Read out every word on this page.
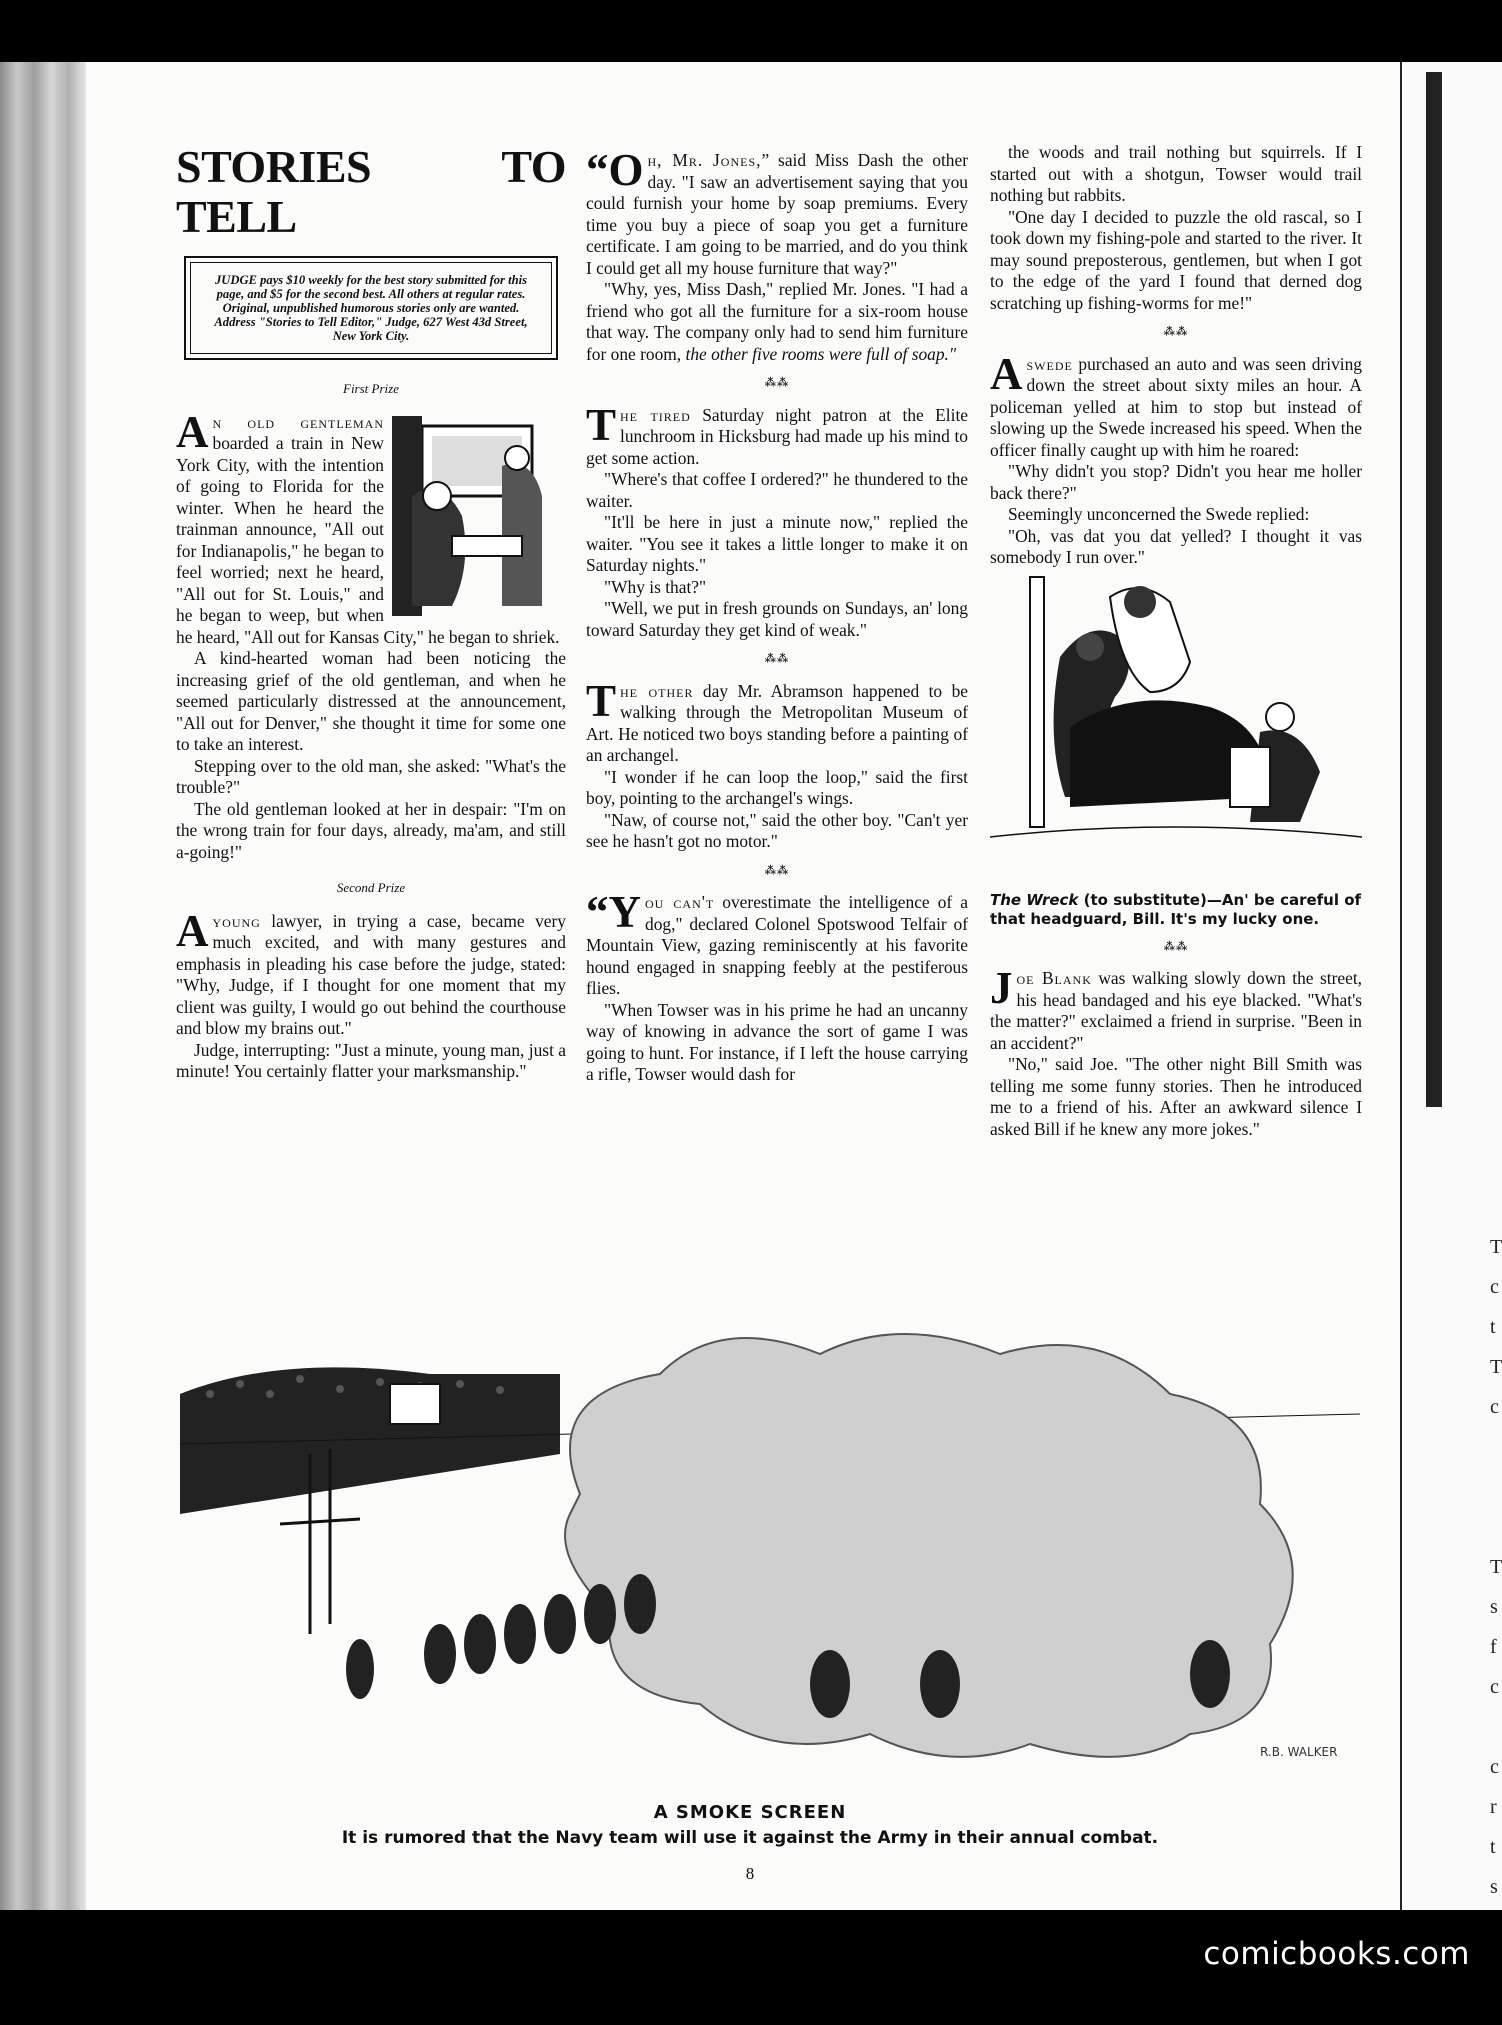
STORIES TO TELL
JUDGE pays $10 weekly for the best story submitted for this page, and $5 for the second best. All others at regular rates. Original, unpublished humorous stories only are wanted. Address "Stories to Tell Editor," Judge, 627 West 43d Street, New York City.
First Prize

An old gentleman
boarded a train in New York City, with the intention of going to Florida for the winter. When he heard the trainman announce, "All out for Indianapolis," he began to feel worried; next he heard, "All out for St. Louis," and he began to weep, but when he heard, "All out for Kansas City," he began to shriek.

A kind-hearted woman had been noticing the increasing grief of the old gentleman, and when he seemed particularly distressed at the announcement, "All out for Denver," she thought it time for some one to take an interest.

Stepping over to the old man, she asked: "What's the trouble?"

The old gentleman looked at her in despair: "I'm on the wrong train for four days, already, ma'am, and still a-going!"

Second Prize

Ayoung lawyer, in trying a case, became very much excited, and with many gestures and emphasis in pleading his case before the judge, stated: "Why, Judge, if I thought for one moment that my client was guilty, I would go out behind the courthouse and blow my brains out."

Judge, interrupting: "Just a minute, young man, just a minute! You certainly flatter your marksmanship."

“Oh, Mr. Jones,” said Miss Dash the other day. "I saw an advertisement saying that you could furnish your home by soap premiums. Every time you buy a piece of soap you get a furniture certificate. I am going to be married, and do you think I could get all my house furniture that way?"

"Why, yes, Miss Dash," replied Mr. Jones. "I had a friend who got all the furniture for a six-room house that way. The company only had to send him furniture for one room, the other five rooms were full of soap."

⁂⁂

The tired Saturday night patron at the Elite lunchroom in Hicksburg had made up his mind to get some action.

"Where's that coffee I ordered?" he thundered to the waiter.

"It'll be here in just a minute now," replied the waiter. "You see it takes a little longer to make it on Saturday nights."

"Why is that?"

"Well, we put in fresh grounds on Sundays, an' long toward Saturday they get kind of weak."

⁂⁂

The other day Mr. Abramson happened to be walking through the Metropolitan Museum of Art. He noticed two boys standing before a painting of an archangel.

"I wonder if he can loop the loop," said the first boy, pointing to the archangel's wings.

"Naw, of course not," said the other boy. "Can't yer see he hasn't got no motor."

⁂⁂

“You can't overestimate the intelligence of a dog," declared Colonel Spotswood Telfair of Mountain View, gazing reminiscently at his favorite hound engaged in snapping feebly at the pestiferous flies.

"When Towser was in his prime he had an uncanny way of knowing in advance the sort of game I was going to hunt. For instance, if I left the house carrying a rifle, Towser would dash for

the woods and trail nothing but squirrels. If I started out with a shotgun, Towser would trail nothing but rabbits.

"One day I decided to puzzle the old rascal, so I took down my fishing-pole and started to the river. It may sound preposterous, gentlemen, but when I got to the edge of the yard I found that derned dog scratching up fishing-worms for me!"

⁂⁂

Aswede purchased an auto and was seen driving down the street about sixty miles an hour. A policeman yelled at him to stop but instead of slowing up the Swede increased his speed. When the officer finally caught up with him he roared:

"Why didn't you stop? Didn't you hear me holler back there?"

Seemingly unconcerned the Swede replied:

"Oh, vas dat you dat yelled? I thought it vas somebody I run over."

The Wreck (to substitute)—An' be careful of that headguard, Bill. It's my lucky one.
⁂⁂

Joe Blank was walking slowly down the street, his head bandaged and his eye blacked. "What's the matter?" exclaimed a friend in surprise. "Been in an accident?"

"No," said Joe. "The other night Bill Smith was telling me some funny stories. Then he introduced me to a friend of his. After an awkward silence I asked Bill if he knew any more jokes."

R.B. WALKER
A SMOKE SCREEN
It is rumored that the Navy team will use it against the Army in their annual combat.
8
T
c
t
T
c

T
s
f
c

c
r
t
s
comicbooks.com
